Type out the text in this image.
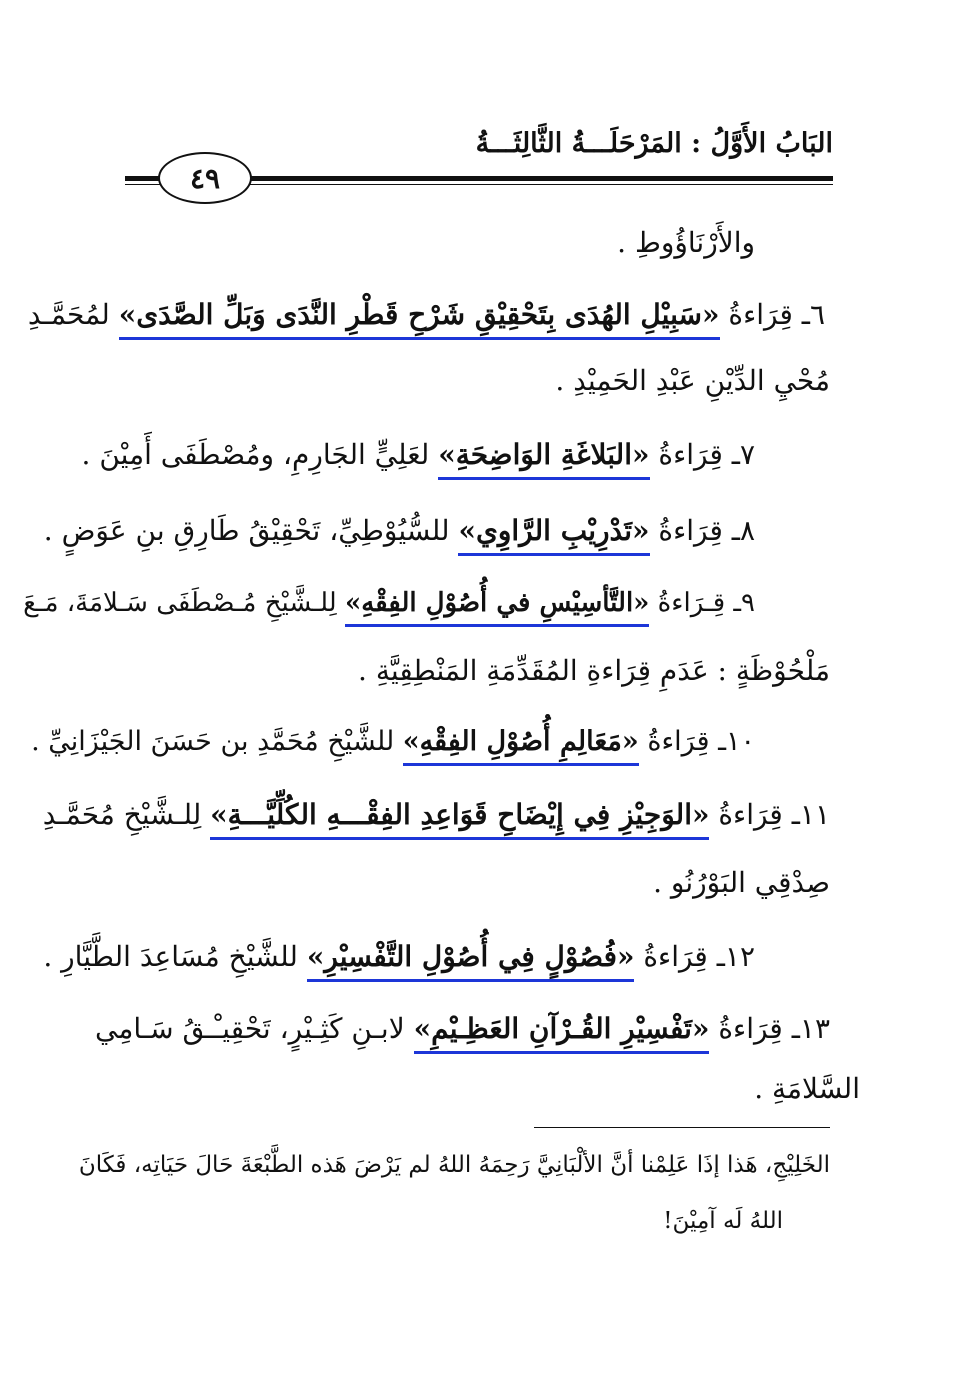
البَابُ الأَوَّلُ : المَرْحَلَـــةُ الثَّالِثَـــةُ
٤٩
والأَرْنَاؤُوطِ .
٦ـ قِرَاءةُ «سَبِيْلِ الهُدَى بِتَحْقِيْقِ شَرْحِ قَطْرِ النَّدَى وَبَلِّ الصَّدَى» لمُحَمَّـدِ
مُحْيِ الدِّيْنِ عَبْدِ الحَمِيْدِ .
٧ـ قِرَاءةُ «البَلاغَةِ الوَاضِحَةِ» لعَلِيٍّ الجَارِمِ، ومُصْطَفَى أَمِيْنَ .
٨ـ قِرَاءةُ «تَدْرِيْبِ الرَّاوِي» للسُّيُوْطِيِّ، تَحْقِيْقُ طَارِقِ بنِ عَوَضٍ .
٩ـ قِـرَاءةُ «التَّأسِيْسِ في أُصُوْلِ الفِقْهِ» لِلـشَّيْخِ مُـصْطَفَى سَـلامَةَ، مَـعَ
مَلْحُوْظَةٍ : عَدَمِ قِرَاءةِ المُقَدِّمَةِ المَنْطِقِيَّةِ .
١٠ـ قِرَاءةُ «مَعَالِمِ أُصُوْلِ الفِقْهِ» للشَّيْخِ مُحَمَّدِ بن حَسَنَ الجَيْزَانِيِّ .
١١ـ قِرَاءةُ «الوَجِيْزِ فِي إِيْضَاحِ قَوَاعِدِ الفِقْـــهِ الكُلِّيَّـــةِ» لِلـشَّيْخِ مُحَمَّـدِ
صِدْقِي البَوْرُنُو .
١٢ـ قِرَاءةُ «فُصُوْلٍ فِي أُصُوْلِ التَّفْسِيْرِ» للشَّيْخِ مُسَاعِدَ الطَّيَّارِ .
١٣ـ قِرَاءةُ «تَفْسِيْرِ القُـرْآنِ العَظِـيْمِ» لابـنِ كَثِـيْرٍ، تَحْقِيـْـقُ سَـامِي
السَّلامَةِ .
الخَلِيْجِ، هَذا إذَا عَلِمْنا أنَّ الألْبَانِيَّ رَحِمَهُ اللهُ لم يَرْضَ هَذه الطَّبْعَةَ حَالَ حَيَاتِه، فَكَانَ
اللهُ لَه آمِيْنَ!
